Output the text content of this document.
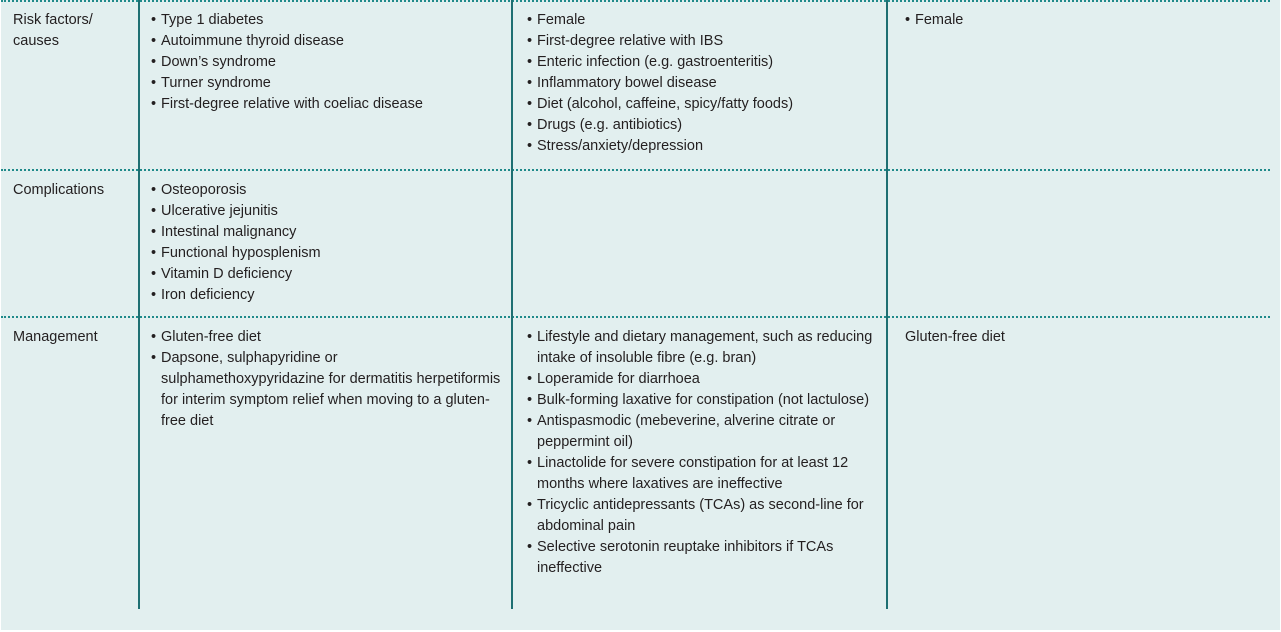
Risk factors/ causes
• Type 1 diabetes
• Autoimmune thyroid disease
• Down’s syndrome
• Turner syndrome
• First-degree relative with coeliac disease
• Female
• First-degree relative with IBS
• Enteric infection (e.g. gastroenteritis)
• Inflammatory bowel disease
• Diet (alcohol, caffeine, spicy/fatty foods)
• Drugs (e.g. antibiotics)
• Stress/anxiety/depression
• Female
Complications	• Osteoporosis
• Ulcerative jejunitis
• Intestinal malignancy
• Functional hyposplenism
• Vitamin D deficiency
• Iron deficiency
Management	• Gluten-free diet
• Dapsone, sulphapyridine or sulphamethoxypyridazine for dermatitis herpetiformis for interim symptom relief when moving to a gluten-free diet
• Lifestyle and dietary management, such as reducing intake of insoluble fibre (e.g. bran)
• Loperamide for diarrhoea
• Bulk-forming laxative for constipation (not lactulose)
• Antispasmodic (mebeverine, alverine citrate or peppermint oil)
• Linactolide for severe constipation for at least 12 months where laxatives are ineffective
• Tricyclic antidepressants (TCAs) as second-line for abdominal pain
• Selective serotonin reuptake inhibitors if TCAs ineffective

Gluten-free diet
